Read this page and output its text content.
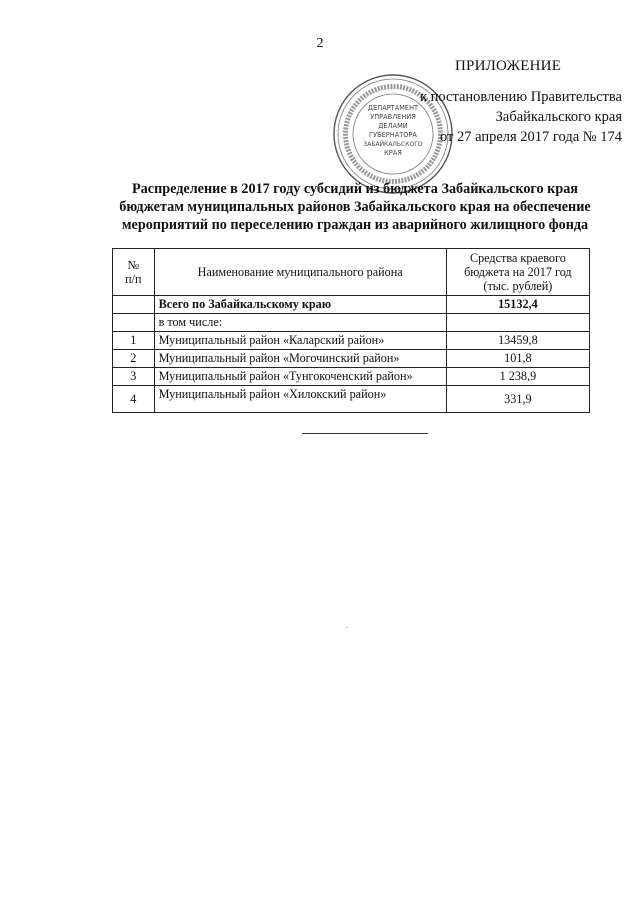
2
ДЕПАРТАМЕНТ
УПРАВЛЕНИЯ
ДЕЛАМИ
ГУБЕРНАТОРА
ЗАБАЙКАЛЬСКОГО
КРАЯ
ПРИЛОЖЕНИЕ
к постановлению Правительства
Забайкальского края
от 27 апреля 2017 года № 174
Распределение в 2017 году субсидий из бюджета Забайкальского края
бюджетам муниципальных районов Забайкальского края на обеспечение
мероприятий по переселению граждан из аварийного жилищного фонда
№
п/п	Наименование муниципального района	Средства краевого бюджета на 2017 год (тыс. рублей)
	Всего по Забайкальскому краю	15132,4
	в том числе:	
1	Муниципальный район «Каларский район»	13459,8
2	Муниципальный район «Могочинский район»	101,8
3	Муниципальный район «Тунгокоченский район»	1 238,9
4	Муниципальный район «Хилокский район»	331,9
